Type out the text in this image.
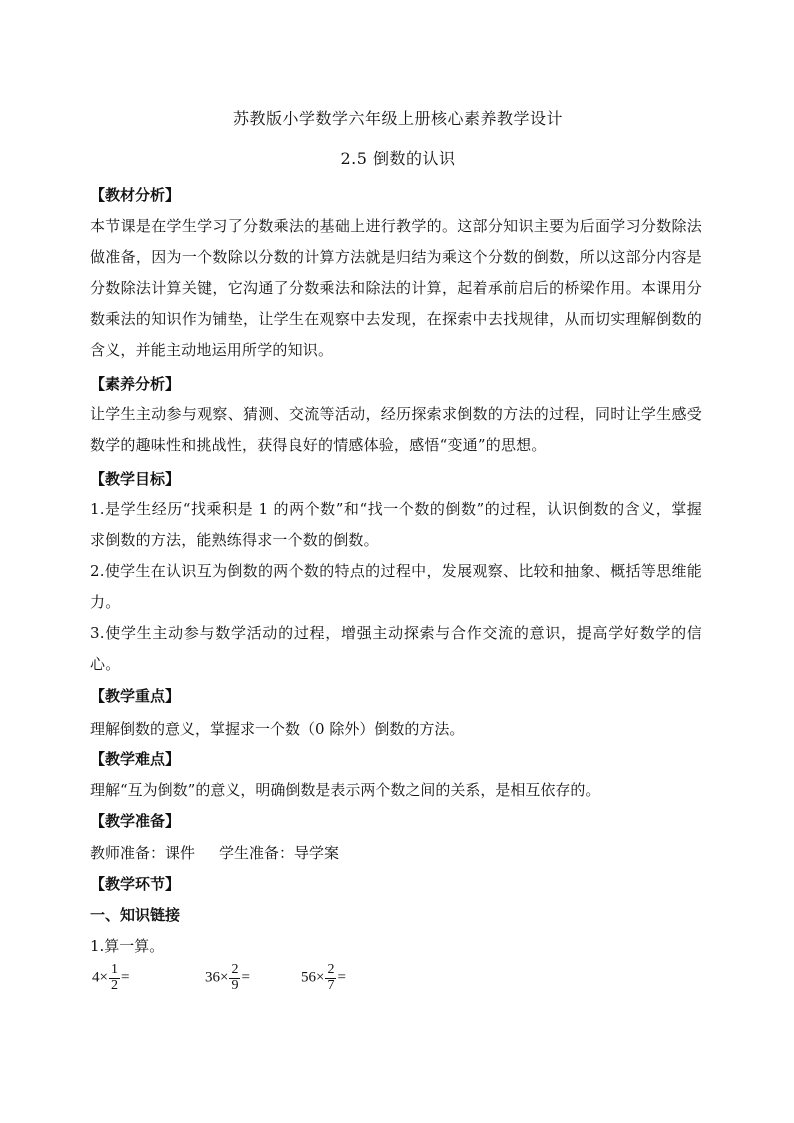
苏教版小学数学六年级上册核心素养教学设计
2.5 倒数的认识
【教材分析】
本节课是在学生学习了分数乘法的基础上进行教学的。这部分知识主要为后面学习分数除法做准备，因为一个数除以分数的计算方法就是归结为乘这个分数的倒数，所以这部分内容是分数除法计算关键，它沟通了分数乘法和除法的计算，起着承前启后的桥梁作用。本课用分数乘法的知识作为铺垫，让学生在观察中去发现，在探索中去找规律，从而切实理解倒数的含义，并能主动地运用所学的知识。
【素养分析】
让学生主动参与观察、猜测、交流等活动，经历探索求倒数的方法的过程，同时让学生感受数学的趣味性和挑战性，获得良好的情感体验，感悟“变通”的思想。
【教学目标】
1.是学生经历“找乘积是 1 的两个数”和“找一个数的倒数”的过程，认识倒数的含义，掌握求倒数的方法，能熟练得求一个数的倒数。
2.使学生在认识互为倒数的两个数的特点的过程中，发展观察、比较和抽象、概括等思维能力。
3.使学生主动参与数学活动的过程，增强主动探索与合作交流的意识，提高学好数学的信心。
【教学重点】
理解倒数的意义，掌握求一个数（0 除外）倒数的方法。
【教学难点】
理解“互为倒数”的意义，明确倒数是表示两个数之间的关系，是相互依存的。
【教学准备】
教师准备：课件 学生准备：导学案
【教学环节】
一、知识链接
1.算一算。
$4\times \frac{1}{2}$ =	$36\times \frac{2}{9}$ =	$56\times \frac{2}{7}$ =
